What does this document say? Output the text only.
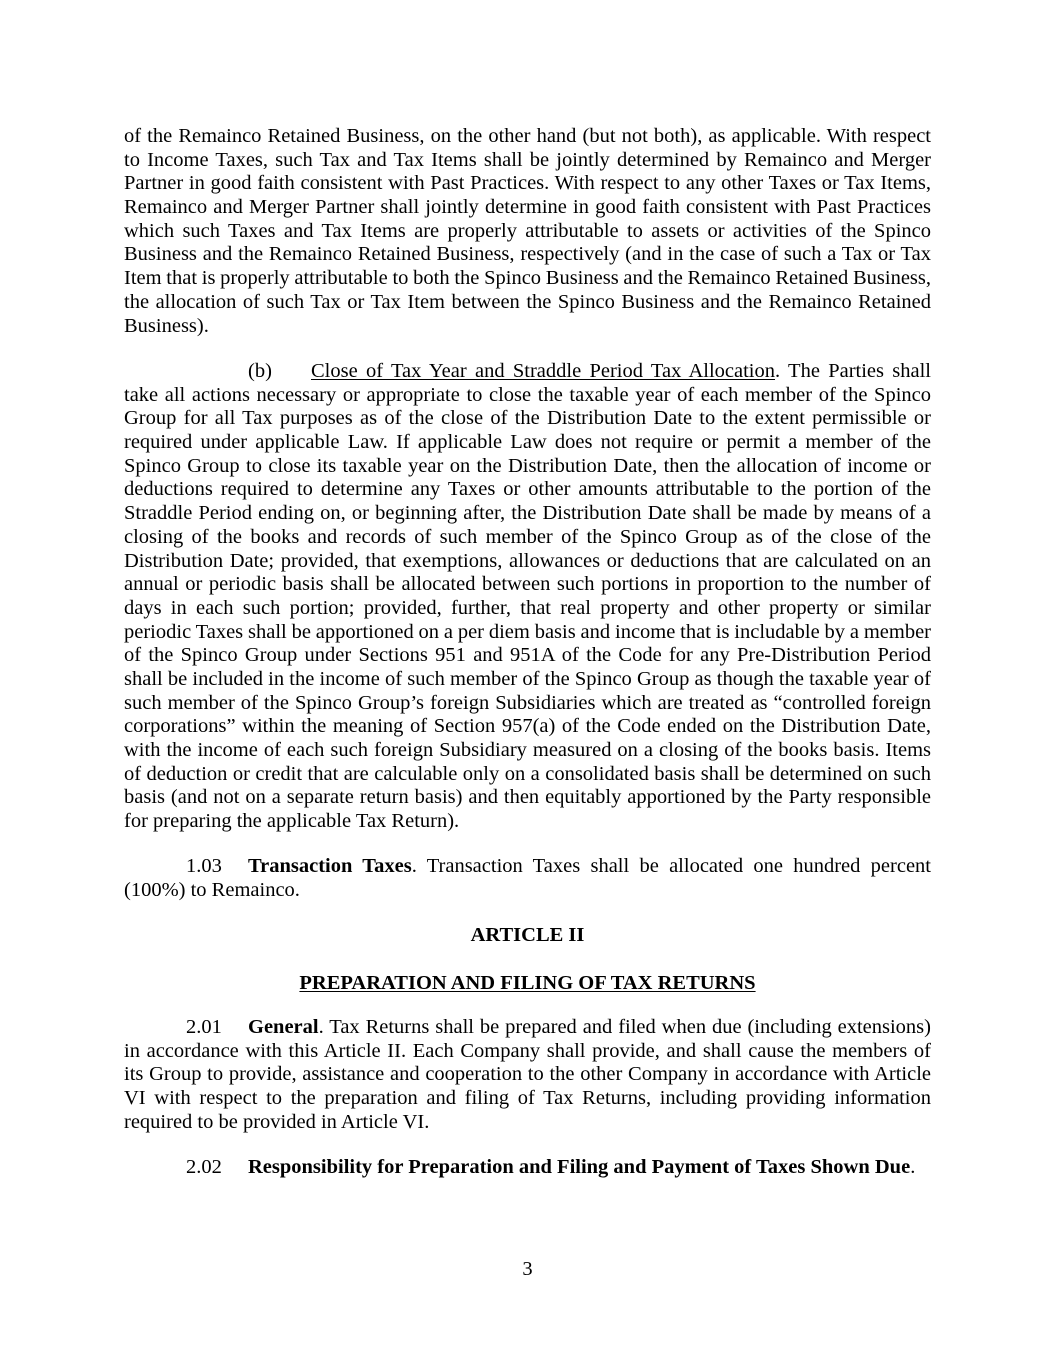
of the Remainco Retained Business, on the other hand (but not both), as applicable. With respect
to Income Taxes, such Tax and Tax Items shall be jointly determined by Remainco and Merger
Partner in good faith consistent with Past Practices. With respect to any other Taxes or Tax Items,
Remainco and Merger Partner shall jointly determine in good faith consistent with Past Practices
which such Taxes and Tax Items are properly attributable to assets or activities of the Spinco
Business and the Remainco Retained Business, respectively (and in the case of such a Tax or Tax
Item that is properly attributable to both the Spinco Business and the Remainco Retained Business,
the allocation of such Tax or Tax Item between the Spinco Business and the Remainco Retained
Business).
(b) Close of Tax Year and Straddle Period Tax Allocation. The Parties shall
take all actions necessary or appropriate to close the taxable year of each member of the Spinco
Group for all Tax purposes as of the close of the Distribution Date to the extent permissible or
required under applicable Law. If applicable Law does not require or permit a member of the
Spinco Group to close its taxable year on the Distribution Date, then the allocation of income or
deductions required to determine any Taxes or other amounts attributable to the portion of the
Straddle Period ending on, or beginning after, the Distribution Date shall be made by means of a
closing of the books and records of such member of the Spinco Group as of the close of the
Distribution Date; provided, that exemptions, allowances or deductions that are calculated on an
annual or periodic basis shall be allocated between such portions in proportion to the number of
days in each such portion; provided, further, that real property and other property or similar
periodic Taxes shall be apportioned on a per diem basis and income that is includable by a member
of the Spinco Group under Sections 951 and 951A of the Code for any Pre-Distribution Period
shall be included in the income of such member of the Spinco Group as though the taxable year of
such member of the Spinco Group’s foreign Subsidiaries which are treated as “controlled foreign
corporations” within the meaning of Section 957(a) of the Code ended on the Distribution Date,
with the income of each such foreign Subsidiary measured on a closing of the books basis. Items
of deduction or credit that are calculable only on a consolidated basis shall be determined on such
basis (and not on a separate return basis) and then equitably apportioned by the Party responsible
for preparing the applicable Tax Return).
1.03 Transaction Taxes. Transaction Taxes shall be allocated one hundred percent
(100%) to Remainco.
ARTICLE II
PREPARATION AND FILING OF TAX RETURNS
2.01 General. Tax Returns shall be prepared and filed when due (including extensions)
in accordance with this Article II. Each Company shall provide, and shall cause the members of
its Group to provide, assistance and cooperation to the other Company in accordance with Article
VI with respect to the preparation and filing of Tax Returns, including providing information
required to be provided in Article VI.
2.02 Responsibility for Preparation and Filing and Payment of Taxes Shown Due.
3
